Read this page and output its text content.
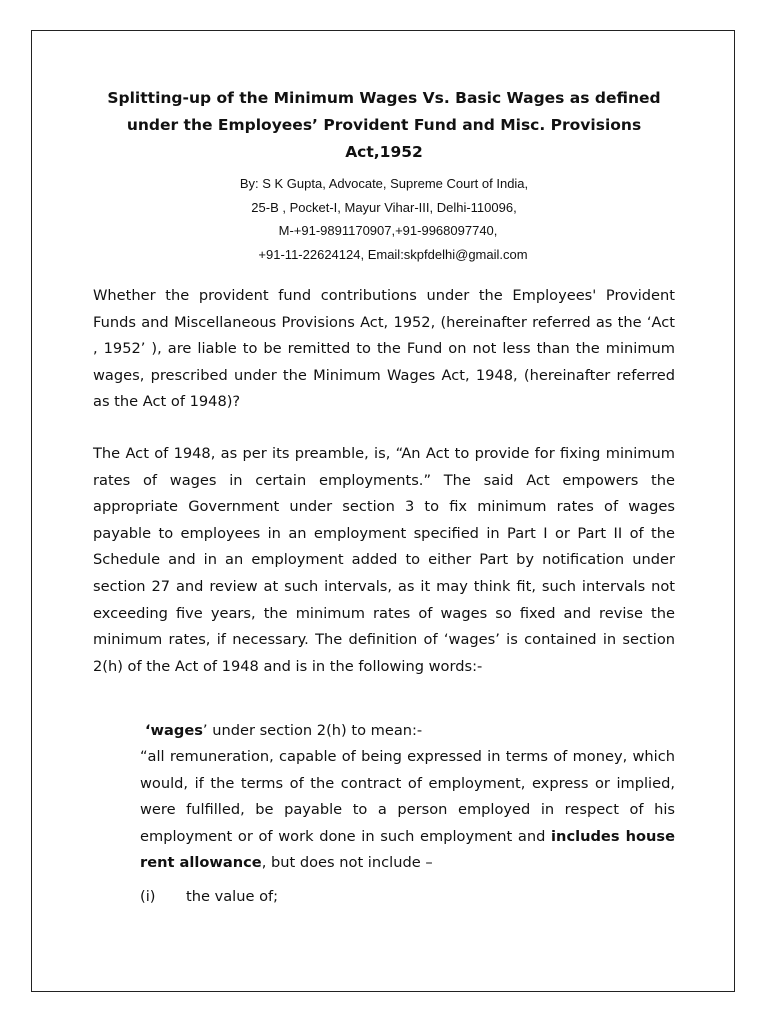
Splitting-up of the Minimum Wages Vs. Basic Wages as defined
under the Employees’ Provident Fund and Misc. Provisions
Act,1952
By: S K Gupta, Advocate, Supreme Court of India,
25-B , Pocket-I, Mayur Vihar-III, Delhi-110096,
M-+91-9891170907,+91-9968097740,
+91-11-22624124, Email:skpfdelhi@gmail.com

Whether the provident fund contributions under the Employees' Provident Funds and Miscellaneous Provisions Act, 1952, (hereinafter referred as the ‘Act , 1952’ ), are liable to be remitted to the Fund on not less than the minimum wages, prescribed under the Minimum Wages Act, 1948, (hereinafter referred as the Act of 1948)?

The Act of 1948, as per its preamble, is, “An Act to provide for fixing minimum rates of wages in certain employments.” The said Act empowers the appropriate Government under section 3 to fix minimum rates of wages payable to employees in an employment specified in Part I or Part II of the Schedule and in an employment added to either Part by notification under section 27 and review at such intervals, as it may think fit, such intervals not exceeding five years, the minimum rates of wages so fixed and revise the minimum rates, if necessary. The definition of ‘wages’ is contained in section 2(h) of the Act of 1948 and is in the following words:-

‘wages’ under section 2(h) to mean:-

“all remuneration, capable of being expressed in terms of money, which would, if the terms of the contract of employment, express or implied, were fulfilled, be payable to a person employed in respect of his employment or of work done in such employment and includes house rent allowance, but does not include –

(i) the value of;
